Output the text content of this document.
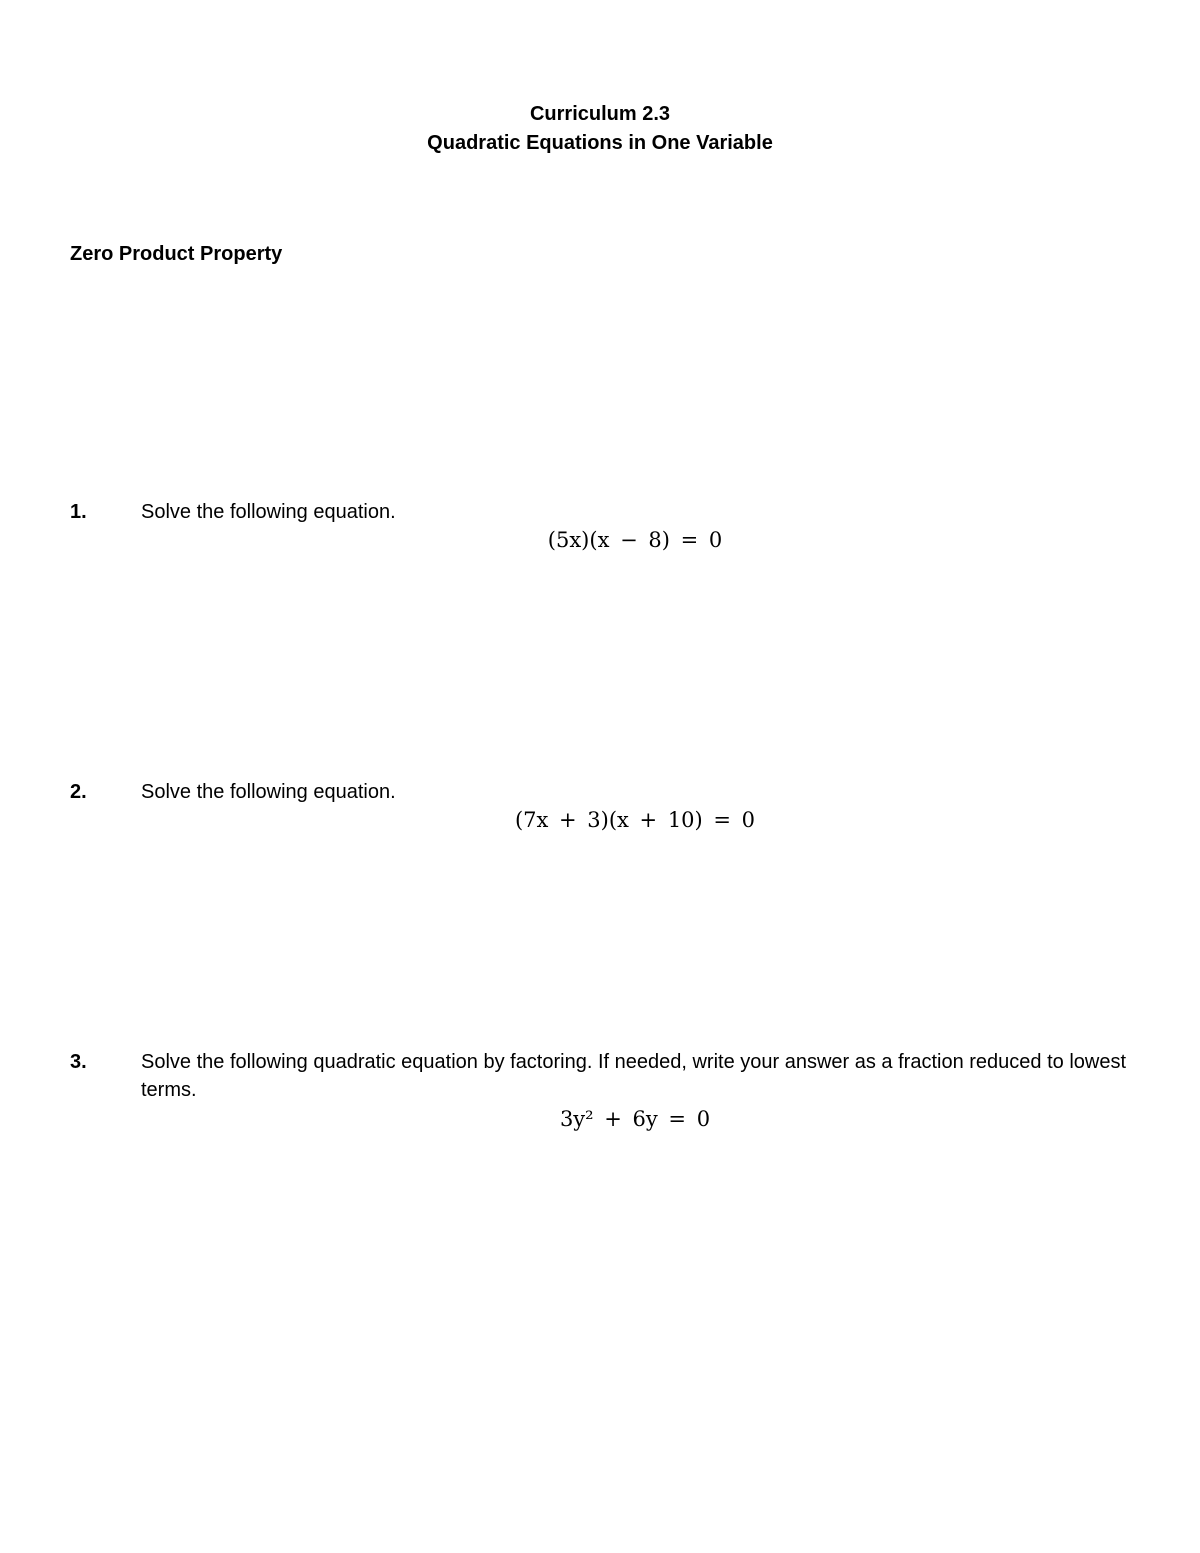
Curriculum 2.3
Quadratic Equations in One Variable
Zero Product Property
1.	Solve the following equation.
(5x)(x − 8) = 0
2.	Solve the following equation.
(7x + 3)(x + 10) = 0
3.	Solve the following quadratic equation by factoring. If needed, write your answer as a fraction reduced to lowest terms.
3y² + 6y = 0
